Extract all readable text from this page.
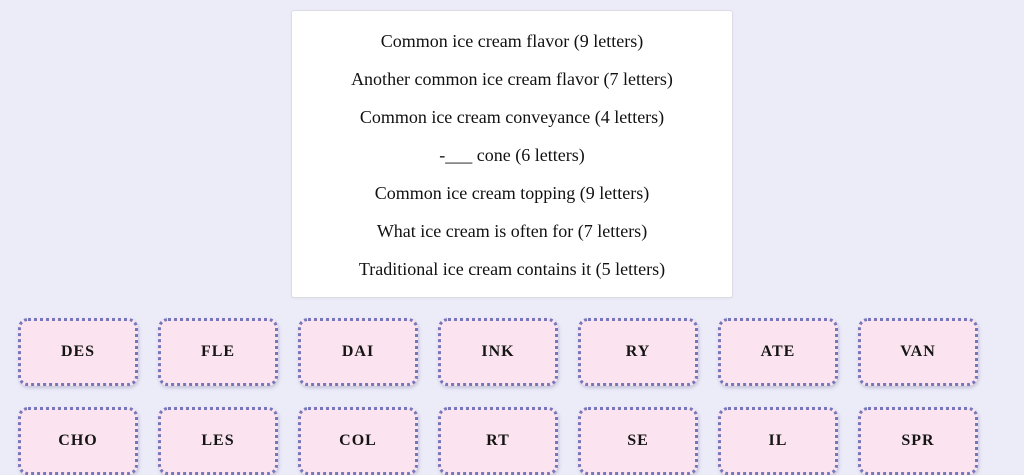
Common ice cream flavor (9 letters)
Another common ice cream flavor (7 letters)
Common ice cream conveyance (4 letters)
-___ cone (6 letters)
Common ice cream topping (9 letters)
What ice cream is often for (7 letters)
Traditional ice cream contains it (5 letters)
DES	FLE	DAI	INK	RY	ATE	VAN
CHO	LES	COL	RT	SE	IL	SPR
